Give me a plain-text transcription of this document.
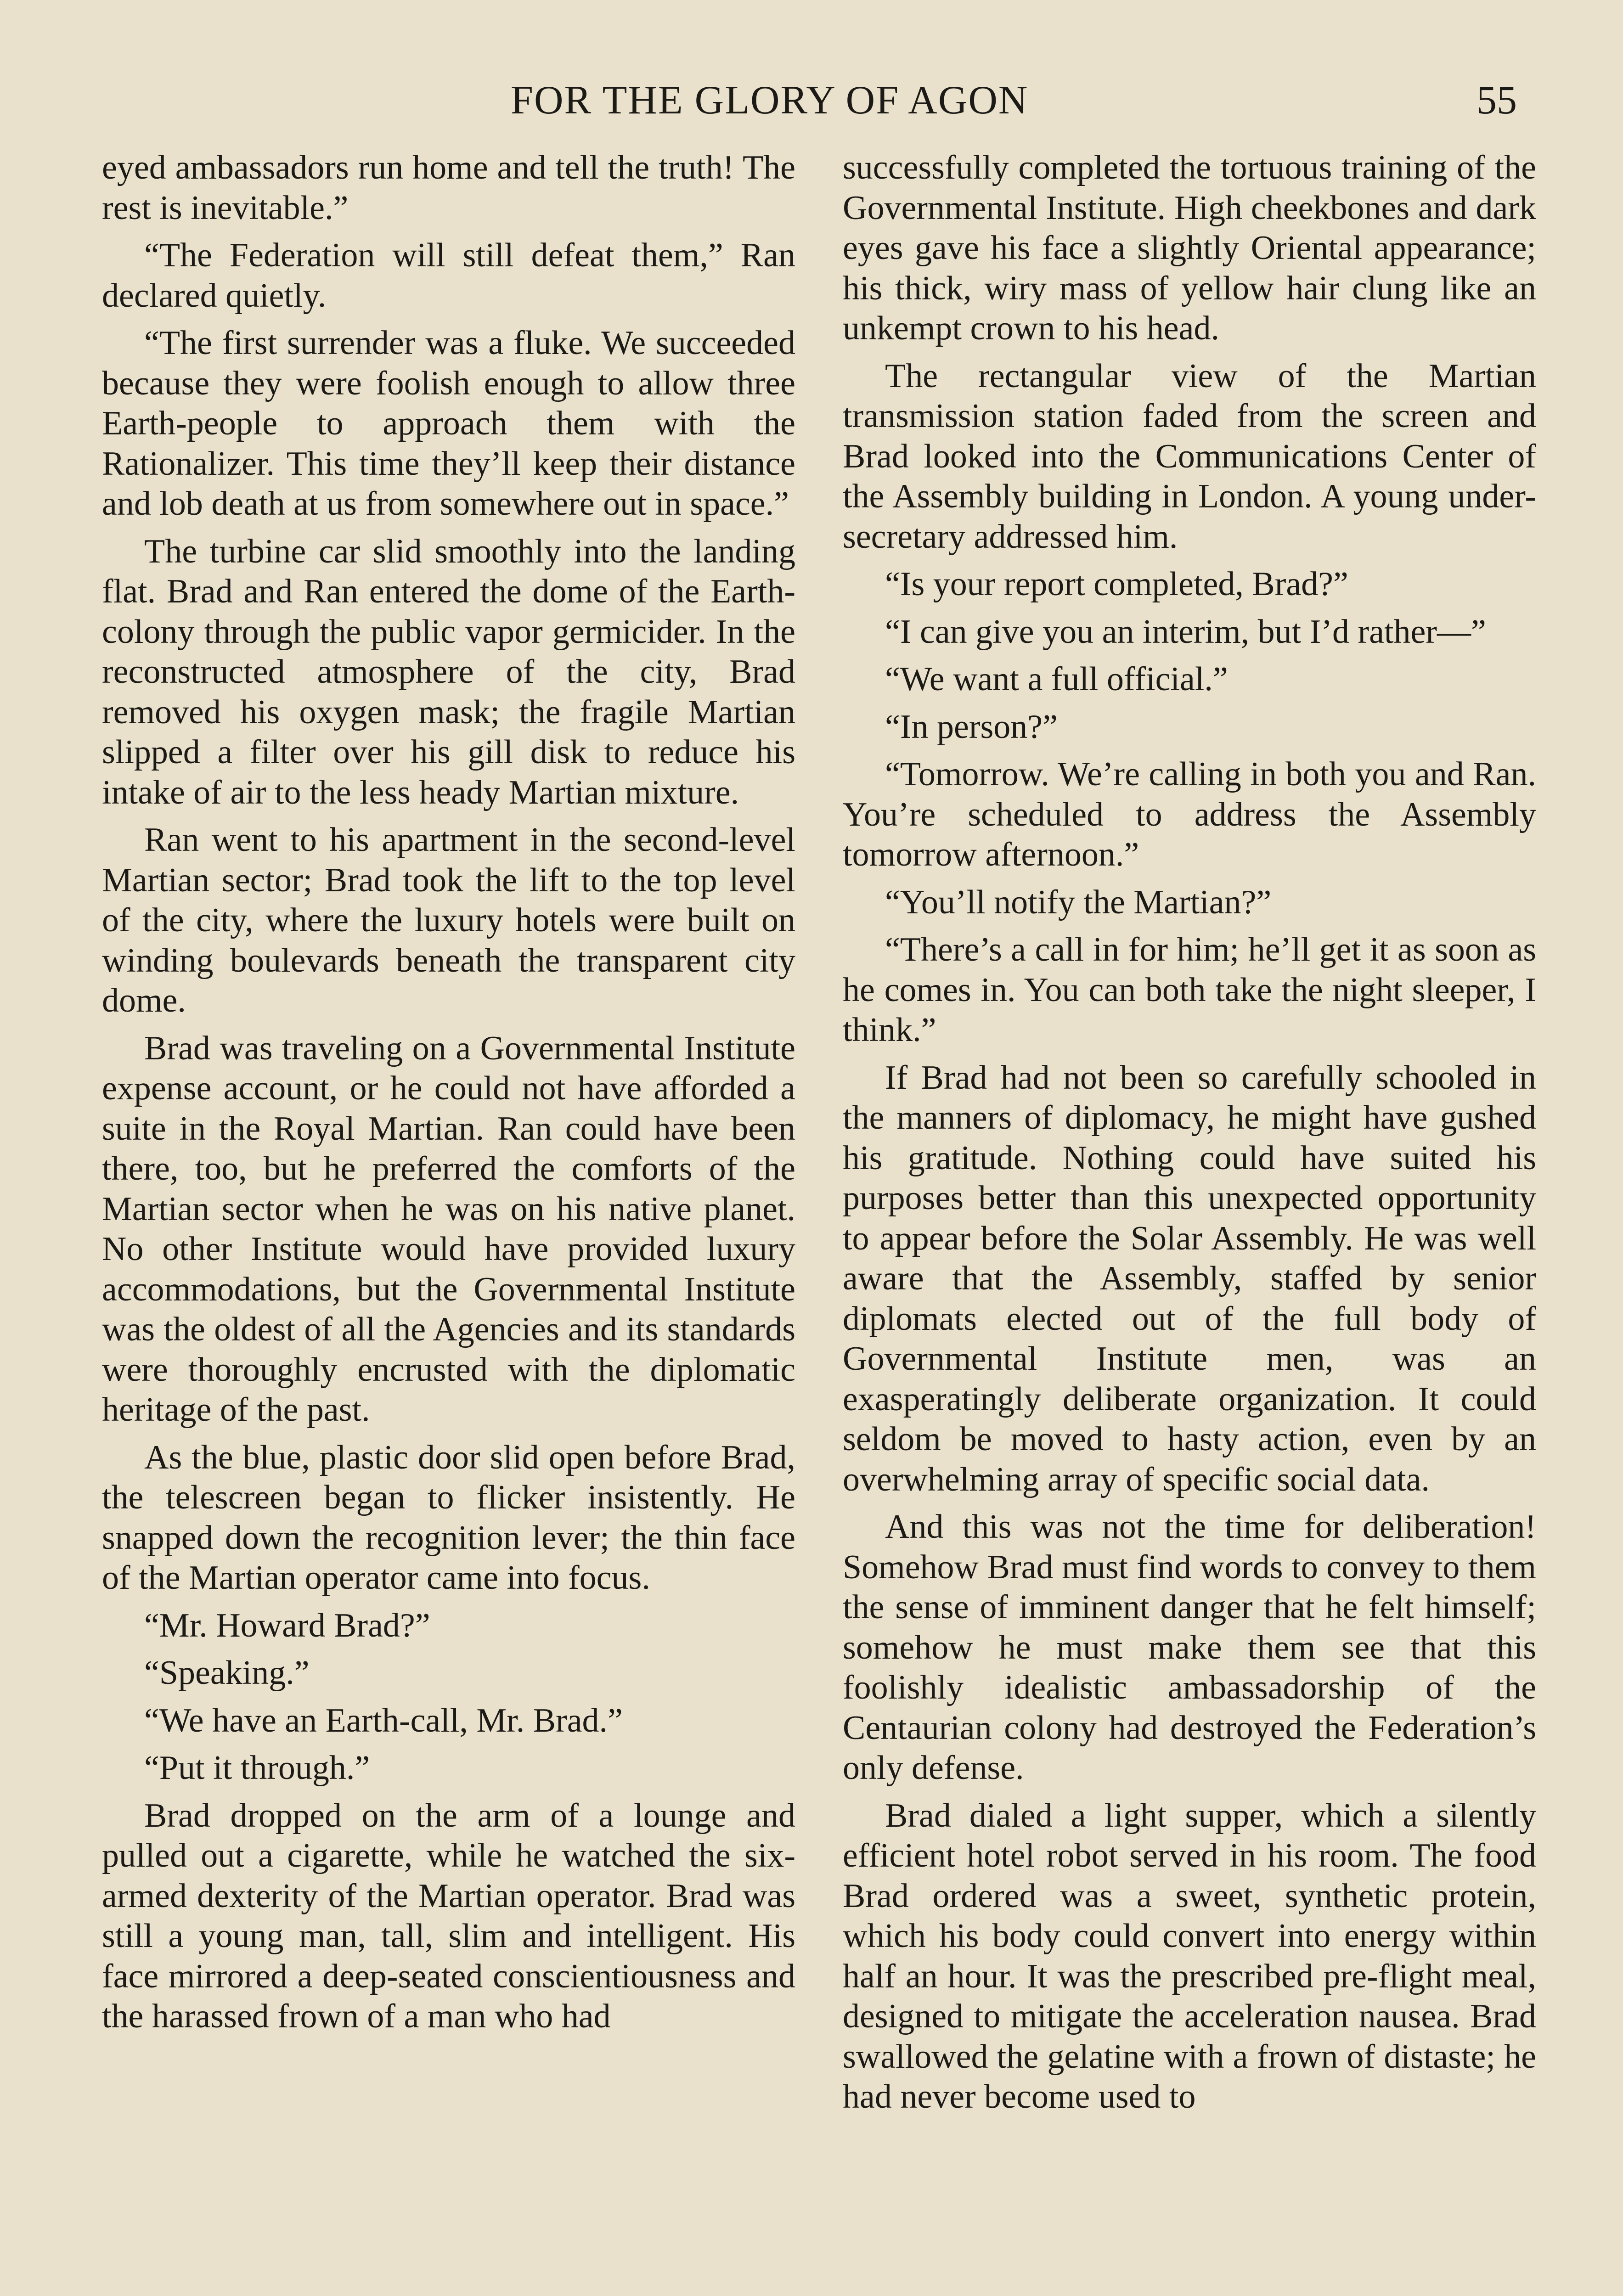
FOR THE GLORY OF AGON	55

eyed ambassadors run home and tell the truth! The rest is inevitable.”

“The Federation will still defeat them,” Ran declared quietly.

“The first surrender was a fluke. We succeeded because they were foolish enough to allow three Earth-people to approach them with the Rationalizer. This time they’ll keep their distance and lob death at us from somewhere out in space.”

The turbine car slid smoothly into the landing flat. Brad and Ran entered the dome of the Earth-colony through the public vapor germicider. In the reconstructed atmosphere of the city, Brad removed his oxygen mask; the fragile Martian slipped a filter over his gill disk to reduce his intake of air to the less heady Martian mixture.

Ran went to his apartment in the second-level Martian sector; Brad took the lift to the top level of the city, where the luxury hotels were built on winding boulevards beneath the transparent city dome.

Brad was traveling on a Governmental Institute expense account, or he could not have afforded a suite in the Royal Martian. Ran could have been there, too, but he preferred the comforts of the Martian sector when he was on his native planet. No other Institute would have provided luxury accommodations, but the Governmental Institute was the oldest of all the Agencies and its standards were thoroughly encrusted with the diplomatic heritage of the past.

As the blue, plastic door slid open before Brad, the telescreen began to flicker insistently. He snapped down the recognition lever; the thin face of the Martian operator came into focus.

“Mr. Howard Brad?”

“Speaking.”

“We have an Earth-call, Mr. Brad.”

“Put it through.”

Brad dropped on the arm of a lounge and pulled out a cigarette, while he watched the six-armed dexterity of the Martian operator. Brad was still a young man, tall, slim and intelligent. His face mirrored a deep-seated conscientiousness and the harassed frown of a man who had

successfully completed the tortuous training of the Governmental Institute. High cheekbones and dark eyes gave his face a slightly Oriental appearance; his thick, wiry mass of yellow hair clung like an unkempt crown to his head.

The rectangular view of the Martian transmission station faded from the screen and Brad looked into the Communications Center of the Assembly building in London. A young under-secretary addressed him.

“Is your report completed, Brad?”

“I can give you an interim, but I’d rather—”

“We want a full official.”

“In person?”

“Tomorrow. We’re calling in both you and Ran. You’re scheduled to address the Assembly tomorrow afternoon.”

“You’ll notify the Martian?”

“There’s a call in for him; he’ll get it as soon as he comes in. You can both take the night sleeper, I think.”

If Brad had not been so carefully schooled in the manners of diplomacy, he might have gushed his gratitude. Nothing could have suited his purposes better than this unexpected opportunity to appear before the Solar Assembly. He was well aware that the Assembly, staffed by senior diplomats elected out of the full body of Governmental Institute men, was an exasperatingly deliberate organization. It could seldom be moved to hasty action, even by an overwhelming array of specific social data.

And this was not the time for deliberation! Somehow Brad must find words to convey to them the sense of imminent danger that he felt himself; somehow he must make them see that this foolishly idealistic ambassadorship of the Centaurian colony had destroyed the Federation’s only defense.

Brad dialed a light supper, which a silently efficient hotel robot served in his room. The food Brad ordered was a sweet, synthetic protein, which his body could convert into energy within half an hour. It was the prescribed pre-flight meal, designed to mitigate the acceleration nausea. Brad swallowed the gelatine with a frown of distaste; he had never become used to
